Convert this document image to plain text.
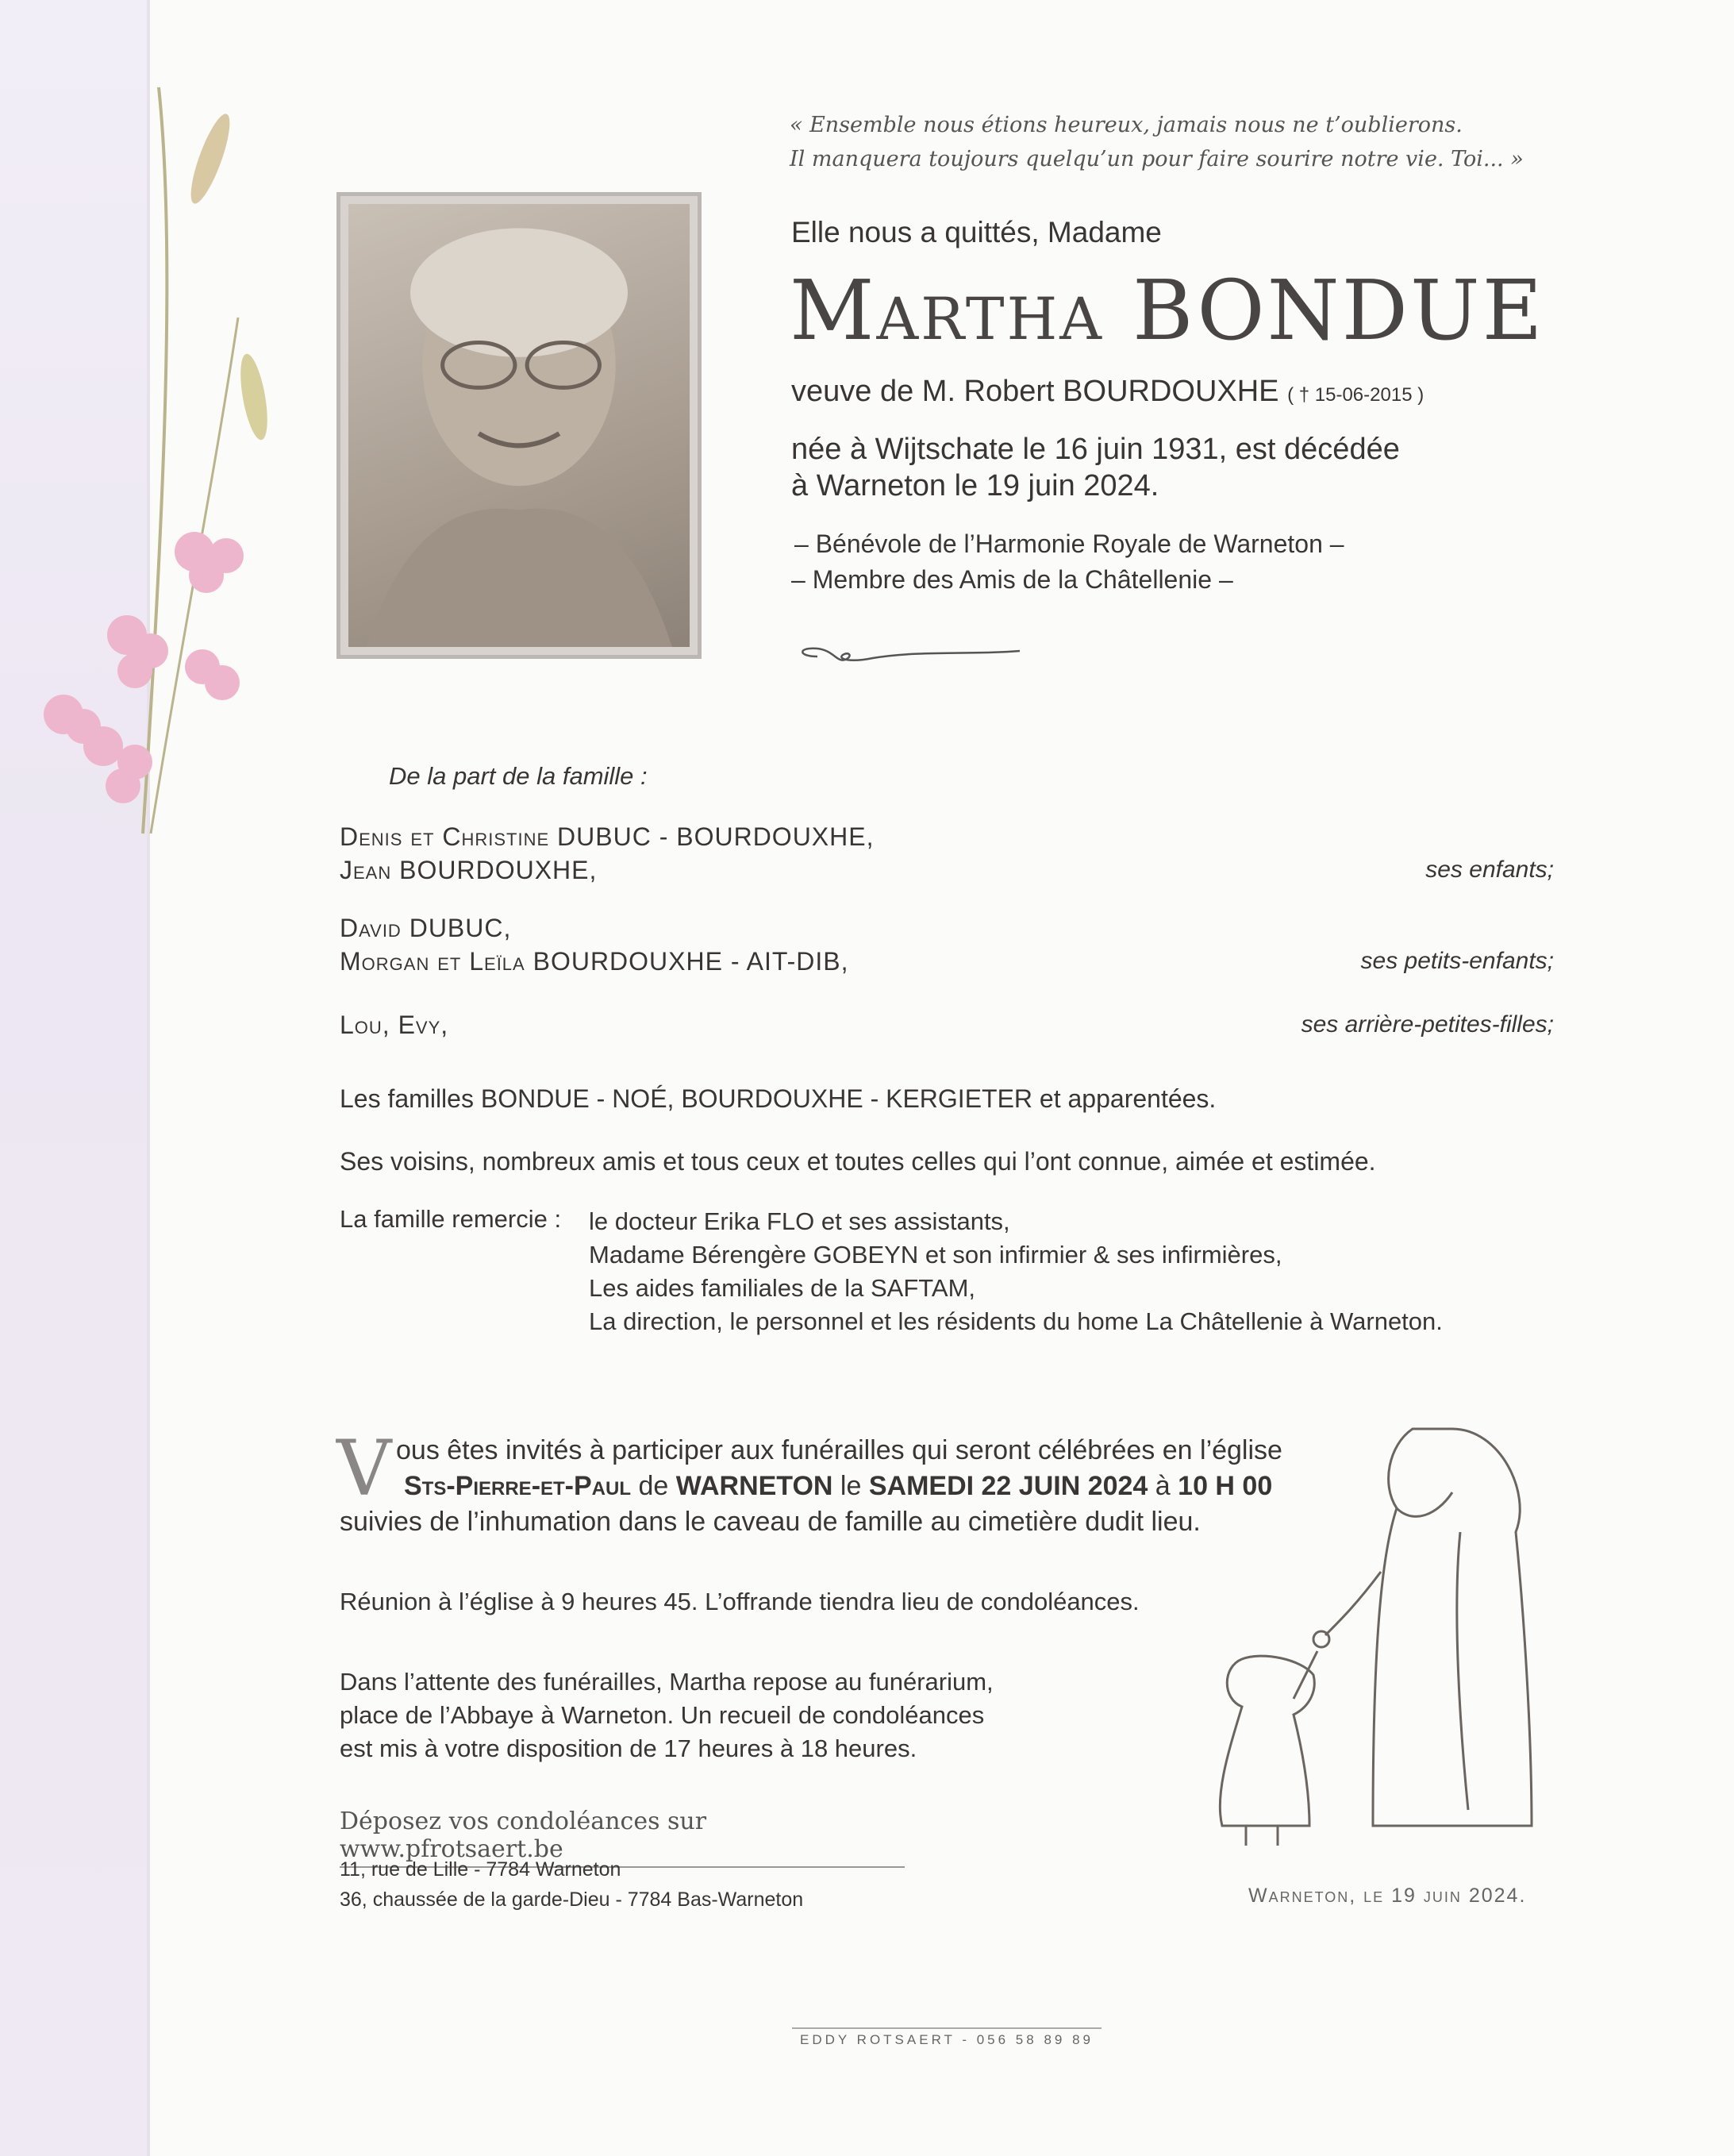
« Ensemble nous étions heureux, jamais nous ne t’oublierons.
Il manquera toujours quelqu’un pour faire sourire notre vie. Toi... »
Elle nous a quittés, Madame
Martha BONDUE
veuve de M. Robert BOURDOUXHE ( † 15-06-2015 )
née à Wijtschate le 16 juin 1931, est décédée
à Warneton le 19 juin 2024.
– Bénévole de l’Harmonie Royale de Warneton –
– Membre des Amis de la Châtellenie –
De la part de la famille :
Denis et Christine DUBUC - BOURDOUXHE,
Jean BOURDOUXHE,	ses enfants;
David DUBUC,
Morgan et Leïla BOURDOUXHE - AIT-DIB,	ses petits-enfants;
Lou, Evy,	ses arrière-petites-filles;
Les familles BONDUE - NOÉ, BOURDOUXHE - KERGIETER et apparentées.
Ses voisins, nombreux amis et tous ceux et toutes celles qui l’ont connue, aimée et estimée.
La famille remercie : le docteur Erika FLO et ses assistants,
Madame Bérengère GOBEYN et son infirmier & ses infirmières,
Les aides familiales de la SAFTAM,
La direction, le personnel et les résidents du home La Châtellenie à Warneton.
V ous êtes invités à participer aux funérailles qui seront célébrées en l’église
Sts-Pierre-et-Paul de WARNETON le SAMEDI 22 JUIN 2024 à 10 H 00
suivies de l’inhumation dans le caveau de famille au cimetière dudit lieu.
Réunion à l’église à 9 heures 45. L’offrande tiendra lieu de condoléances.
Dans l’attente des funérailles, Martha repose au funérarium,
place de l’Abbaye à Warneton. Un recueil de condoléances
est mis à votre disposition de 17 heures à 18 heures.
Déposez vos condoléances sur www.pfrotsaert.be
11, rue de Lille - 7784 Warneton
36, chaussée de la garde-Dieu - 7784 Bas-Warneton	Warneton, le 19 juin 2024.
EDDY ROTSAERT - 056 58 89 89
